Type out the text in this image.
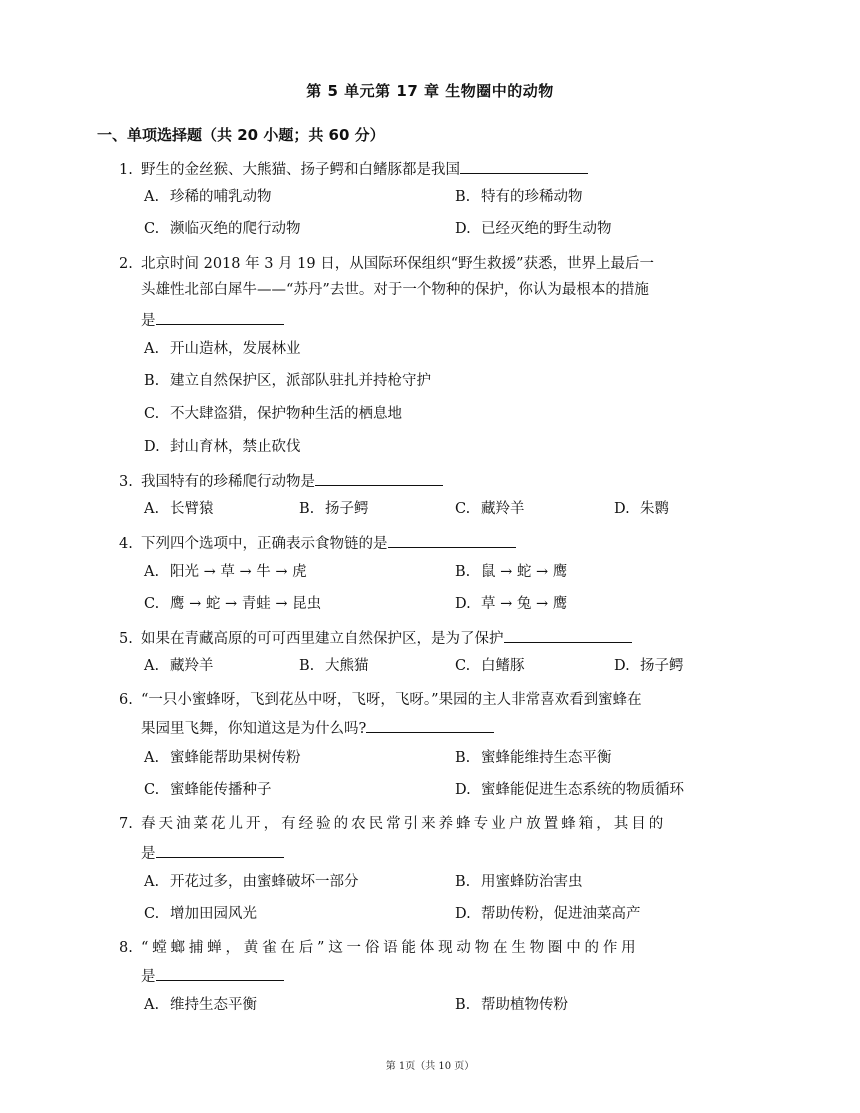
第 5 单元第 17 章 生物圈中的动物
一、单项选择题（共 20 小题；共 60 分）
1. 野生的金丝猴、大熊猫、扬子鳄和白鳍豚都是我国
A. 珍稀的哺乳动物	B. 特有的珍稀动物
C. 濒临灭绝的爬行动物	D. 已经灭绝的野生动物
2. 北京时间 2018 年 3 月 19 日，从国际环保组织“野生救援”获悉，世界上最后一
头雄性北部白犀牛——“苏丹”去世。对于一个物种的保护，你认为最根本的措施
是
A. 开山造林，发展林业
B. 建立自然保护区，派部队驻扎并持枪守护
C. 不大肆盗猎，保护物种生活的栖息地
D. 封山育林，禁止砍伐
3. 我国特有的珍稀爬行动物是
A. 长臂猿	B. 扬子鳄	C. 藏羚羊	D. 朱鹮
4. 下列四个选项中，正确表示食物链的是
A. 阳光 → 草 → 牛 → 虎	B. 鼠 → 蛇 → 鹰
C. 鹰 → 蛇 → 青蛙 → 昆虫	D. 草 → 兔 → 鹰
5. 如果在青藏高原的可可西里建立自然保护区，是为了保护
A. 藏羚羊	B. 大熊猫	C. 白鳍豚	D. 扬子鳄
6. “一只小蜜蜂呀，飞到花丛中呀，飞呀，飞呀。”果园的主人非常喜欢看到蜜蜂在
果园里飞舞，你知道这是为什么吗?
A. 蜜蜂能帮助果树传粉	B. 蜜蜂能维持生态平衡
C. 蜜蜂能传播种子	D. 蜜蜂能促进生态系统的物质循环
7. 春 天 油 菜 花 儿 开 ， 有 经 验 的 农 民 常 引 来 养 蜂 专 业 户 放 置 蜂 箱 ， 其 目 的
是
A. 开花过多，由蜜蜂破坏一部分	B. 用蜜蜂防治害虫
C. 增加田园风光	D. 帮助传粉，促进油菜高产
8. “ 螳 螂 捕 蝉 ， 黄 雀 在 后 ” 这 一 俗 语 能 体 现 动 物 在 生 物 圈 中 的 作 用
是
A. 维持生态平衡	B. 帮助植物传粉
第 1页（共 10 页）
